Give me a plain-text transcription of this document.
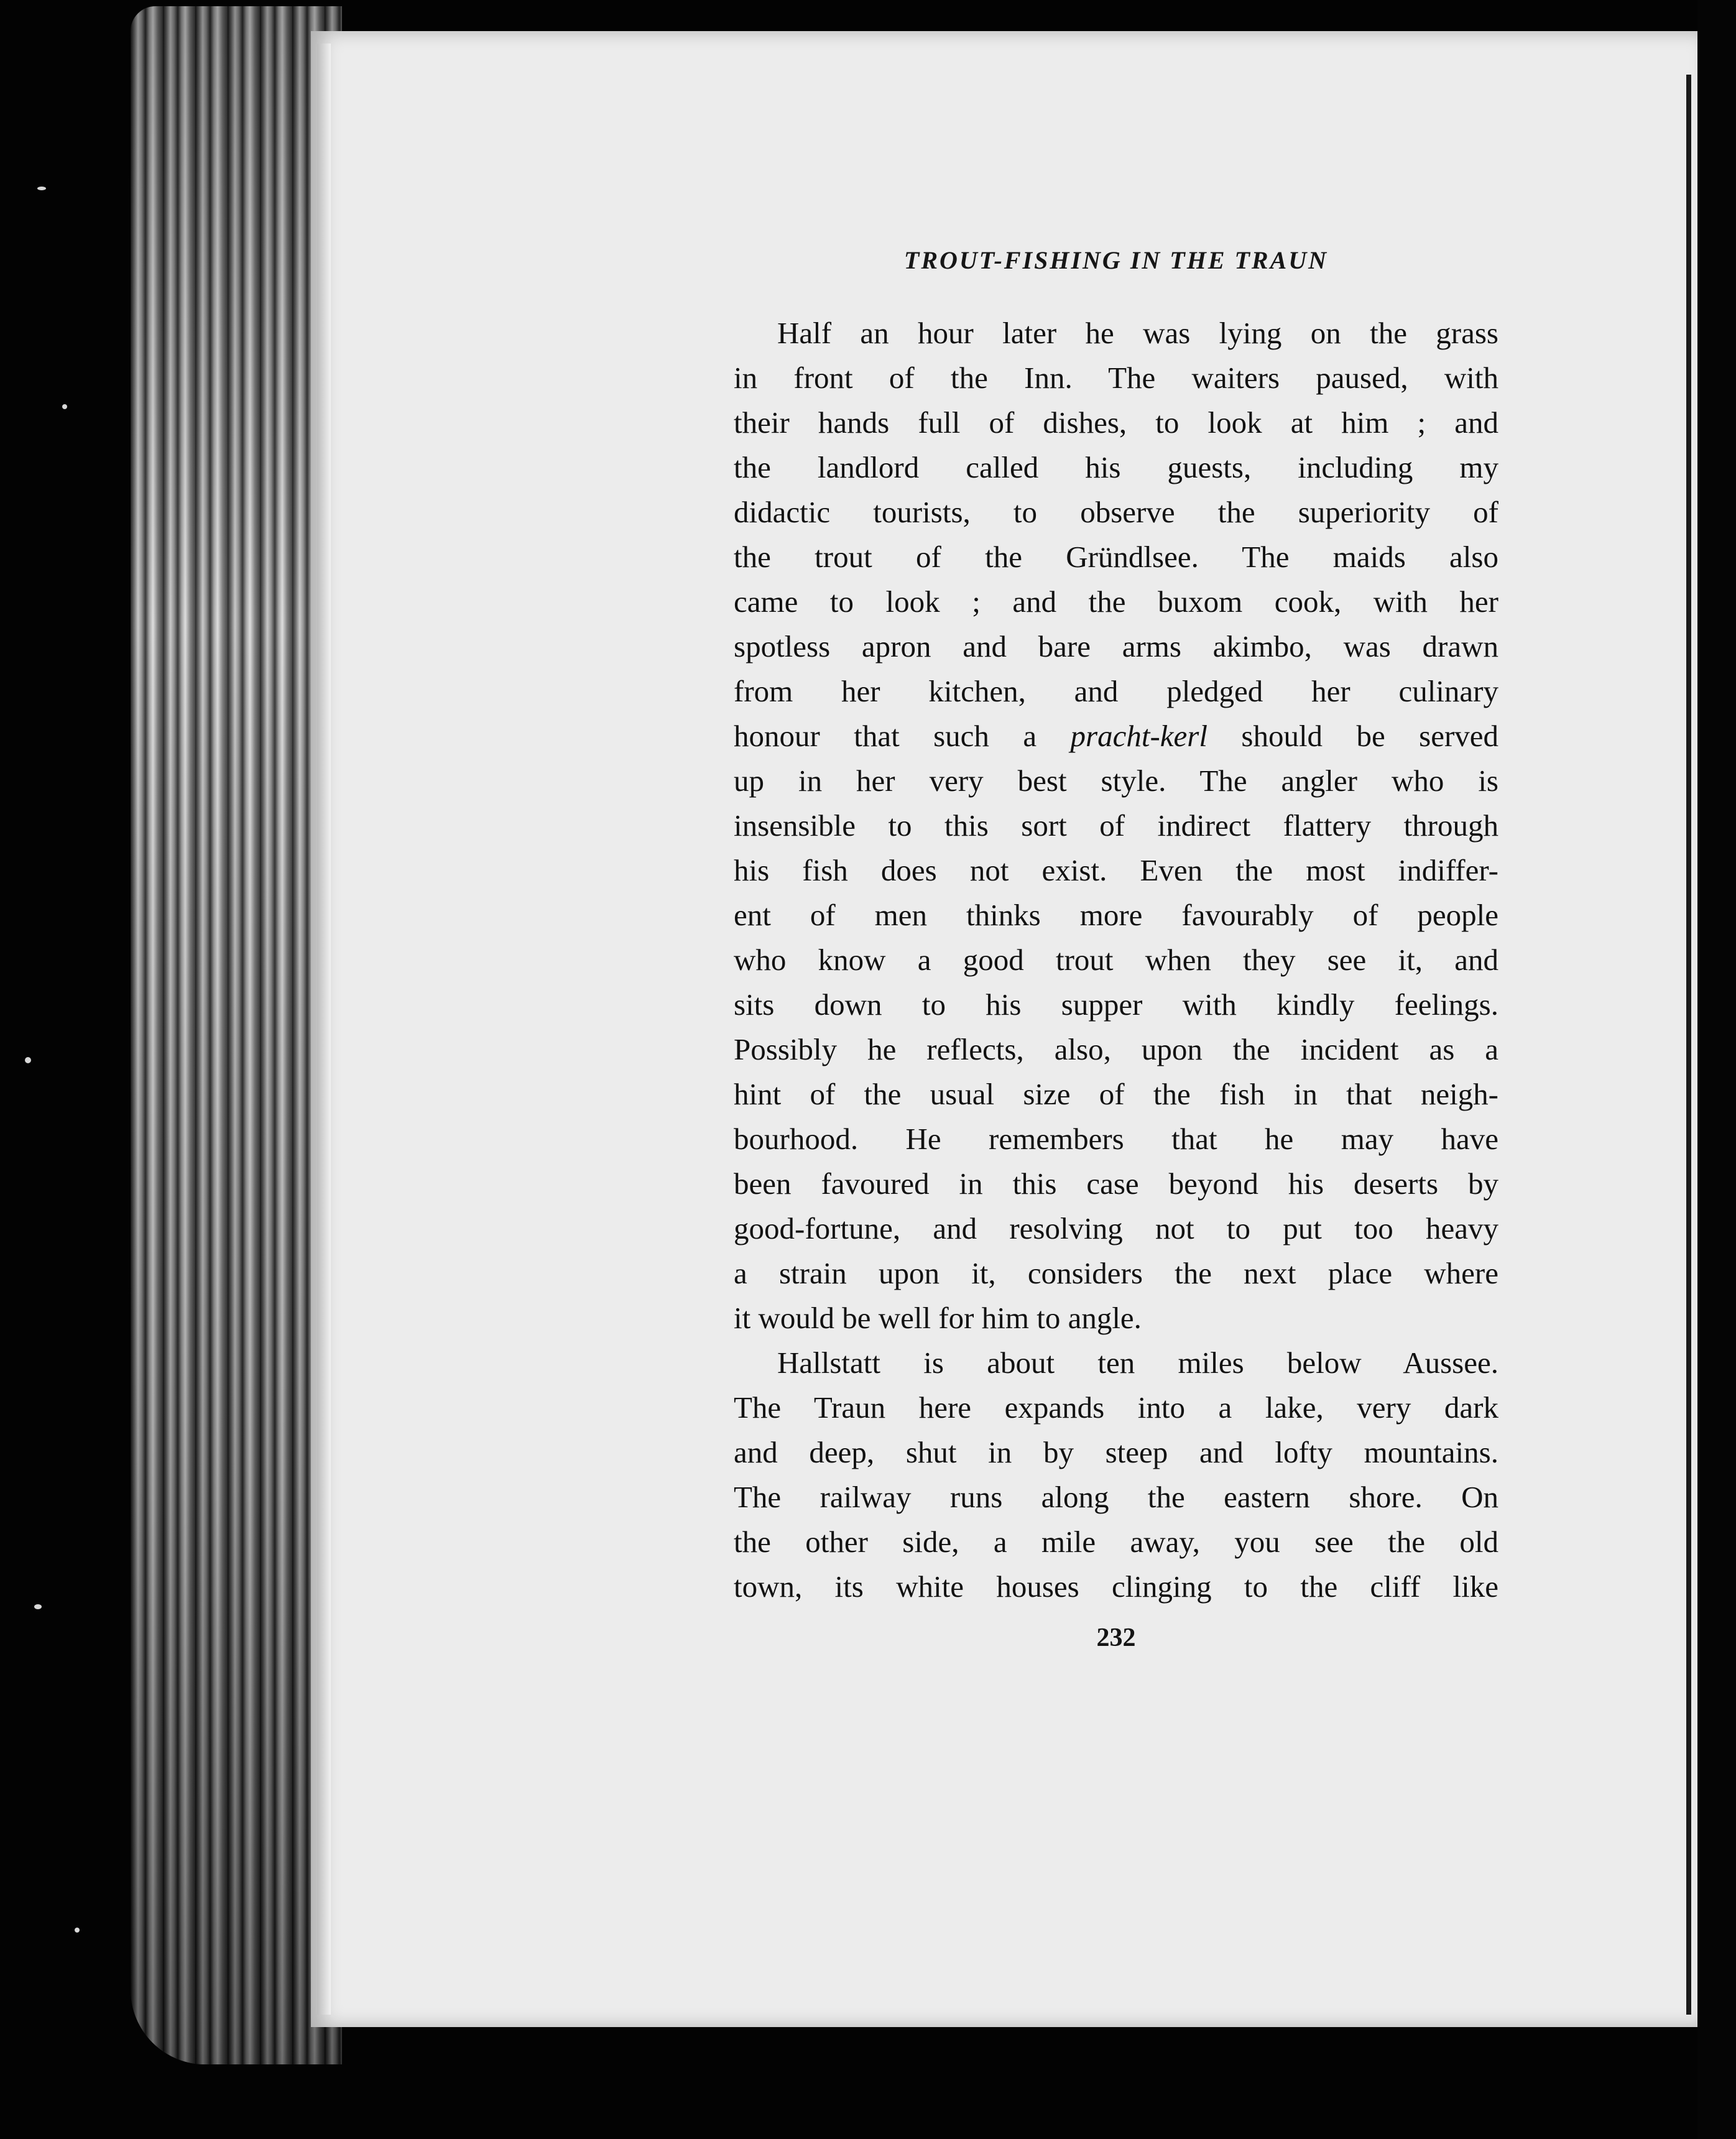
TROUT-FISHING IN THE TRAUN
Half an hour later he was lying on the grass
in front of the Inn. The waiters paused, with
their hands full of dishes, to look at him ; and
the landlord called his guests, including my
didactic tourists, to observe the superiority of
the trout of the Gründlsee. The maids also
came to look ; and the buxom cook, with her
spotless apron and bare arms akimbo, was drawn
from her kitchen, and pledged her culinary
honour that such a pracht-kerl should be served
up in her very best style. The angler who is
insensible to this sort of indirect flattery through
his fish does not exist. Even the most indiffer-
ent of men thinks more favourably of people
who know a good trout when they see it, and
sits down to his supper with kindly feelings.
Possibly he reflects, also, upon the incident as a
hint of the usual size of the fish in that neigh-
bourhood. He remembers that he may have
been favoured in this case beyond his deserts by
good-fortune, and resolving not to put too heavy
a strain upon it, considers the next place where
it would be well for him to angle.
Hallstatt is about ten miles below Aussee.
The Traun here expands into a lake, very dark
and deep, shut in by steep and lofty mountains.
The railway runs along the eastern shore. On
the other side, a mile away, you see the old
town, its white houses clinging to the cliff like
232
